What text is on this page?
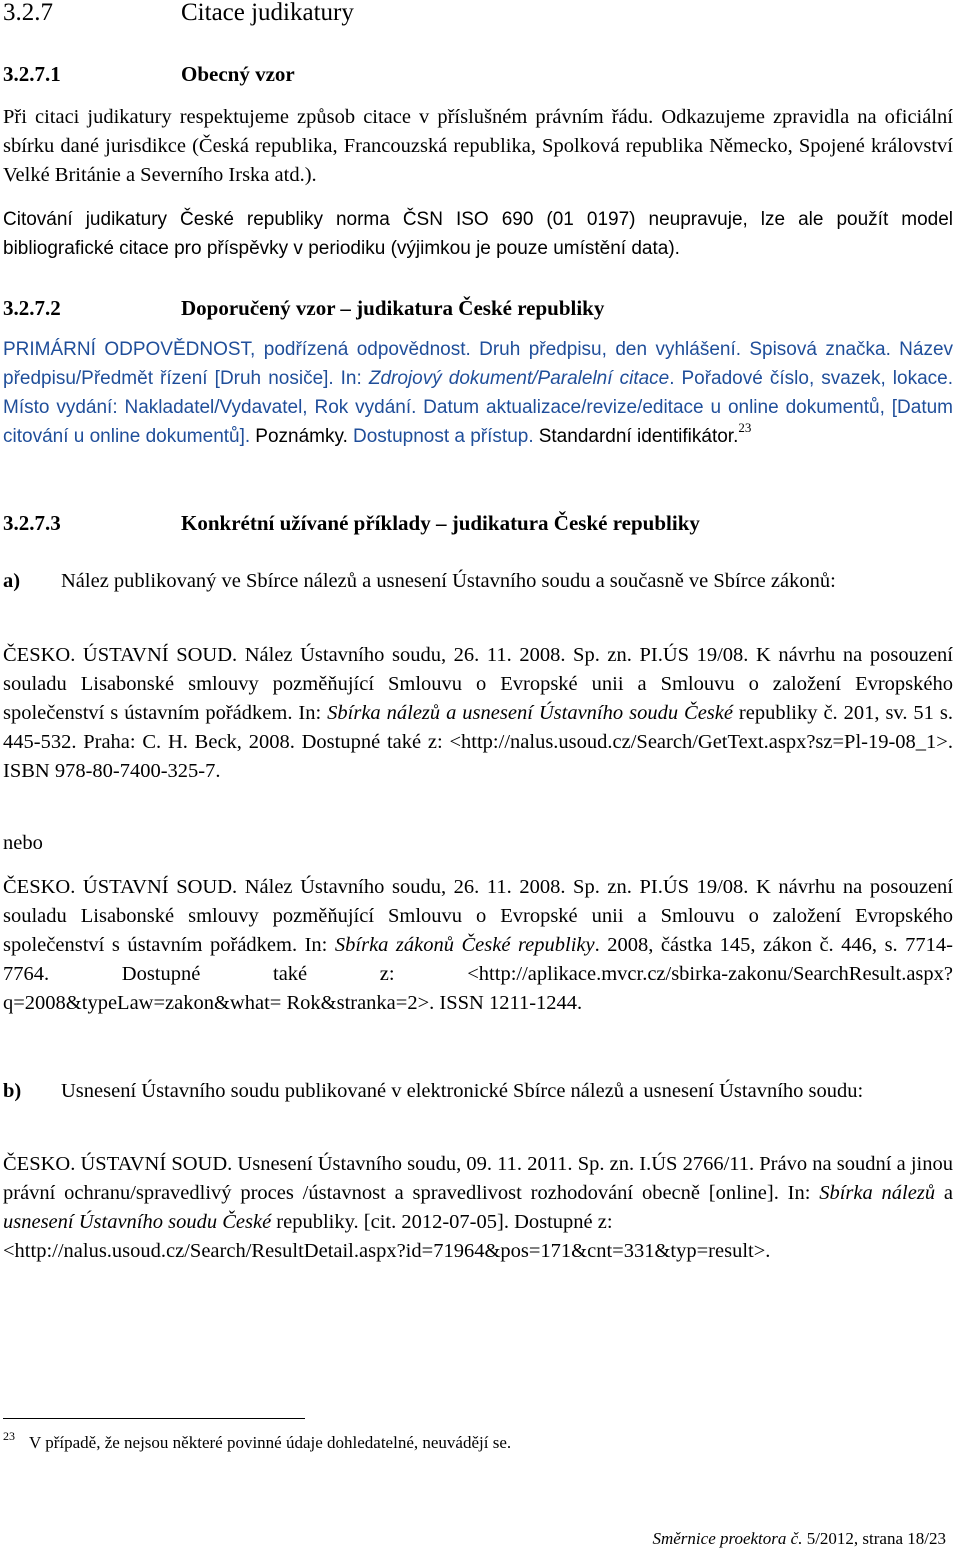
3.2.7	Citace judikatury
3.2.7.1	Obecný vzor

Při citaci judikatury respektujeme způsob citace v příslušném právním řádu. Odkazujeme zpravidla na oficiální sbírku dané jurisdikce (Česká republika, Francouzská republika, Spolková republika Německo, Spojené království Velké Británie a Severního Irska atd.).

Citování judikatury České republiky norma ČSN ISO 690 (01 0197) neupravuje, lze ale použít model bibliografické citace pro příspěvky v periodiku (výjimkou je pouze umístění data).

3.2.7.2	Doporučený vzor – judikatura České republiky

PRIMÁRNÍ ODPOVĚDNOST, podřízená odpovědnost. Druh předpisu, den vyhlášení. Spisová značka. Název předpisu/Předmět řízení [Druh nosiče]. In: Zdrojový dokument/Paralelní citace. Pořadové číslo, svazek, lokace. Místo vydání: Nakladatel/Vydavatel, Rok vydání. Datum aktualizace/revize/editace u online dokumentů, [Datum citování u online dokumentů]. Poznámky. Dostupnost a přístup. Standardní identifikátor.$^{23}$

3.2.7.3	Konkrétní užívané příklady – judikatura České republiky
a) Nález publikovaný ve Sbírce nálezů a usnesení Ústavního soudu a současně ve Sbírce zákonů:

ČESKO. ÚSTAVNÍ SOUD. Nález Ústavního soudu, 26. 11. 2008. Sp. zn. PI.ÚS 19/08. K návrhu na posouzení souladu Lisabonské smlouvy pozměňující Smlouvu o Evropské unii a Smlouvu o založení Evropského společenství s ústavním pořádkem. In: Sbírka nálezů a usnesení Ústavního soudu České republiky č. 201, sv. 51 s. 445-532. Praha: C. H. Beck, 2008. Dostupné také z: <http://nalus.usoud.cz/Search/GetText.aspx?sz=Pl-19-08_1>. ISBN 978-80-7400-325-7.

nebo

ČESKO. ÚSTAVNÍ SOUD. Nález Ústavního soudu, 26. 11. 2008. Sp. zn. PI.ÚS 19/08. K návrhu na posouzení souladu Lisabonské smlouvy pozměňující Smlouvu o Evropské unii a Smlouvu o založení Evropského společenství s ústavním pořádkem. In: Sbírka zákonů České republiky. 2008, částka 145, zákon č. 446, s. 7714-7764. Dostupné také z: <http://aplikace.mvcr.cz/sbirka-zakonu/SearchResult.aspx?q=2008&typeLaw=zakon&what= Rok&stranka=2>. ISSN 1211-1244.

b) Usnesení Ústavního soudu publikované v elektronické Sbírce nálezů a usnesení Ústavního soudu:

ČESKO. ÚSTAVNÍ SOUD. Usnesení Ústavního soudu, 09. 11. 2011. Sp. zn. I.ÚS 2766/11. Právo na soudní a jinou právní ochranu/spravedlivý proces /ústavnost a spravedlivost rozhodování obecně [online]. In: Sbírka nálezů a usnesení Ústavního soudu České republiky. [cit. 2012-07-05]. Dostupné z:

<http://nalus.usoud.cz/Search/ResultDetail.aspx?id=71964&pos=171&cnt=331&typ=result>.
$^{23}$ V případě, že nejsou některé povinné údaje dohledatelné, neuvádějí se.
Směrnice proektora č. 5/2012, strana 18/23
